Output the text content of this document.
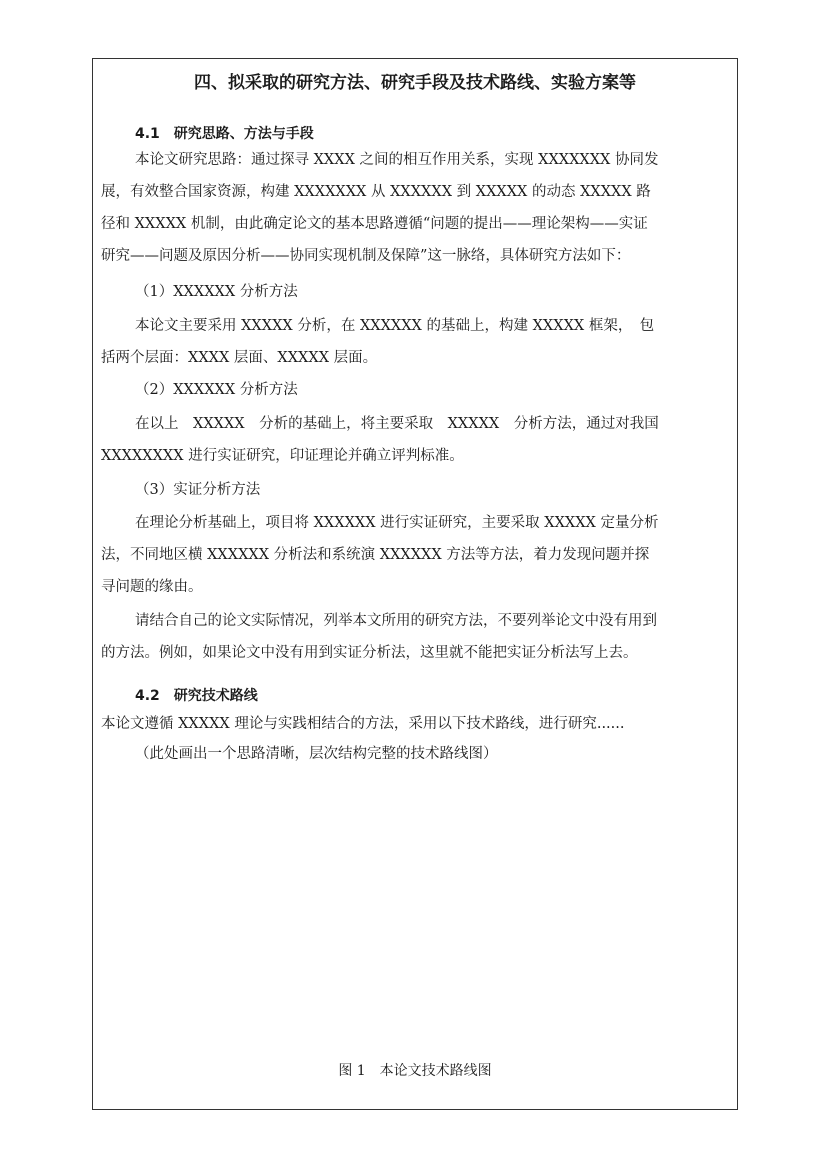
四、拟采取的研究方法、研究手段及技术路线、实验方案等
4.1　研究思路、方法与手段
本论文研究思路：通过探寻 XXXX 之间的相互作用关系，实现 XXXXXXX 协同发
展，有效整合国家资源，构建 XXXXXXX 从 XXXXXX 到 XXXXX 的动态 XXXXX 路
径和 XXXXX 机制，由此确定论文的基本思路遵循“问题的提出——理论架构——实证
研究——问题及原因分析——协同实现机制及保障”这一脉络，具体研究方法如下：
（1）XXXXXX 分析方法
本论文主要采用 XXXXX 分析，在 XXXXXX 的基础上，构建 XXXXX 框架，　包
括两个层面：XXXX 层面、XXXXX 层面。
（2）XXXXXX 分析方法
在以上　XXXXX　分析的基础上，将主要采取　XXXXX　分析方法，通过对我国
XXXXXXXX 进行实证研究，印证理论并确立评判标准。
（3）实证分析方法
在理论分析基础上，项目将 XXXXXX 进行实证研究，主要采取 XXXXX 定量分析
法，不同地区横 XXXXXX 分析法和系统演 XXXXXX 方法等方法，着力发现问题并探
寻问题的缘由。
请结合自己的论文实际情况，列举本文所用的研究方法，不要列举论文中没有用到
的方法。例如，如果论文中没有用到实证分析法，这里就不能把实证分析法写上去。
4.2　研究技术路线
本论文遵循 XXXXX 理论与实践相结合的方法，采用以下技术路线，进行研究......
（此处画出一个思路清晰，层次结构完整的技术路线图）
图 1　本论文技术路线图
